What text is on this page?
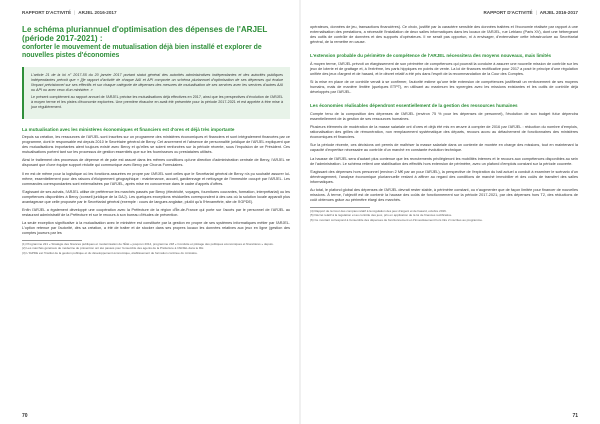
RAPPORT D'ACTIVITÉ | ARJEL 2016-2017
Le schéma pluriannuel d'optimisation des dépenses de l'ARJEL (période 2017-2021) :
conforter le mouvement de mutualisation déjà bien installé et explorer de nouvelles pistes d'économies

L'article 21 de la loi n° 2017-55 du 20 janvier 2017 portant statut général des autorités administratives indépendantes et des autorités publiques indépendantes prévoit que « [l]e rapport d'activité de chaque AAI et API comporte un schéma pluriannuel d'optimisation de ses dépenses qui évalue l'impact prévisionnel sur ses effectifs et sur chaque catégorie de dépenses des mesures de mutualisation de ses services avec les services d'autres AAI ou API ou avec ceux d'un ministère. »

Le présent complément au rapport annuel de l'ARJEL précise les mutualisations déjà effectives en 2017, ainsi que les perspectives d'évolution de l'ARJEL à moyen terme et les pistes d'économie explorées. Une première ébauche en avait été présentée pour la période 2017-2021 et est appelée à être mise à jour régulièrement.

La mutualisation avec les ministères économiques et financiers est d'ores et déjà très importante

Depuis sa création, les ressources de l'ARJEL sont inscrites sur un programme des ministères économiques et financiers et sont intégralement financées par ce programme, dont le responsable est depuis 2010 le Secrétaire général de Bercy. Cet ancrement et l'absence de personnalité juridique de l'ARJEL expliquent que des mutualisations importantes aient toujours existé avec Bercy et qu'elles se soient renforcées sur la période récente, sous l'impulsion de ce Président. Ces mutualisations portent tant sur les processus de gestion essentiels que sur les fournisseurs ou prestataires utilisés.

Ainsi le traitement des processus de dépense et de paie est assuré dans les mêmes conditions qu'une direction d'administration centrale de Bercy, l'ARJEL ne disposant que d'une équipe support réduite qui communique avec Bercy par Chorus Formulaires.

Il en est de même pour la logistique où les fonctions assurées en propre par l'ARJEL sont celles que le Secrétariat général de Bercy n'a pu souhaité assurer lui-même, essentiellement pour des raisons d'éloignement géographique : maintenance, accueil, gardiennage et nettoyage de l'immeuble occupé par l'ARJEL. Les commandes correspondantes sont externalisées par l'ARJEL, après mise en concurrence dans le cadre d'appels d'offres.

S'agissant de ses achats, l'ARJEL utilise de préférence les marchés passés par Bercy (électricité, voyages, fournitures courantes, formation, interprétariat) ou les compétences disponibles à Bercy (conseil juridique de la DAJ). Les quelques exceptions résiduelles correspondent à des cas où la solution locale apparaît plus avantageuse que celle proposée par le Secrétariat général (exemple : cours de langues anglaise, plutôt qu'à l'Hexamétrie, site de l'IGPDE).

Enfin l'ARJEL a également développé une coopération avec la Préfecture de la région d'Île-de-France qui porte sur l'accès par le personnel de l'ARJEL au restaurant administratif de la Préfecture et sur le recours à son bureau d'études de prévention.

La seule exception significative à la mutualisation avec le ministère est constituée par la gestion en propre de ses systèmes informatiques métier par l'ARJEL. L'option retenue par l'autorité, dès sa création, a été de traiter et de stocker dans ses propres locaux les données relatives aux jeux en ligne (gestion des comptes joueurs par les

(1) Programme 221 « Stratégie des finances publiques et modernisation de l'État » jusqu'en 2014, programme 218 « Conduite et pilotage des politiques économiques et financières » depuis.

(2) Les marchés généraux de médecine de prévention ont été passés pour l'ensemble des agents de la Préfecture à l'ARJEL dans le RH.

(3) L'IGPDE est l'Institut de la gestion publique et du développement économique, établissement de formation continue du ministère.

70
RAPPORT D'ACTIVITÉ | ARJEL 2016-2017

opérateurs, données de jeu, transactions financières). Ce choix, justifié par la caractère sensible des données traitées et l'économie réalisée par rapport à une externalisation des prestations, a nécessité l'installation de deux salles informatiques dans les locaux de l'ARJEL, rue Leblanc (Paris XV), dont une hébergeant des outils de contrôle de données et des supports d'opérateurs. Il ne serait pas opportun, ni à envisager, d'externaliser cette infrastructure au Secrétariat général, de la remettre en cause.

L'extension probable du périmètre de compétence de l'ARJEL nécessitera des moyens nouveaux, mais limités

À moyen terme, l'ARJEL prévoit un élargissement de son périmètre de compétences qui pourrait la conduire à assurer une nouvelle mission de contrôle sur les jeux de loterie et de grattage et, à l'extrême, les paris hippiques en points de vente. La loi de finances rectificative pour 2017 a posé le principe d'une régulation unifiée des jeux d'argent et de hasard, et le décret relatif a été pris dans l'esprit de la recommandation de la Cour des Comptes.

Si la mise en place de ce contrôle venait à se confirmer, l'autorité estime qu'une telle extension de compétences justifierait un renforcement de ses moyens humains, mais de manière limitée (quelques ETPT), en utilisant au maximum les synergies avec les missions existantes et les outils de contrôle déjà développés par l'ARJEL.

Les économies réalisables dépendront essentiellement de la gestion des ressources humaines

Compte tenu de la composition des dépenses de l'ARJEL (environ 75 % pour les dépenses de personnel), l'évolution de son budget futur dépendra essentiellement de la gestion de ses ressources humaines.

Plusieurs éléments de modération de la masse salariale ont d'ores et déjà été mis en œuvre à compter de 2016 par l'ARJEL : réduction du nombre d'emplois, rationalisation des grilles de rémunération, non remplacement systématique des départs, recours accru au détachement de fonctionnaires des ministères économiques et financiers.

Sur la période récente, ces décisions ont permis de maîtriser la masse salariale dans un contexte de montée en charge des missions, tout en maintenant la capacité d'expertise nécessaire au contrôle d'un marché en constante évolution technique.

La hausse de l'ARJEL sera d'autant plus contenue que les recrutements privilégieront les mobilités internes et le recours aux compétences disponibles au sein de l'administration. Le schéma retient une stabilisation des effectifs hors extension de périmètre, avec un plafond d'emplois constant sur la période couverte.

S'agissant des dépenses hors personnel (environ 2 M€ par an pour l'ARJEL), la perspective de l'expiration du bail actuel a conduit à examiner le scénario d'un déménagement, l'analyse économique pluriannuelle restant à affiner au regard des conditions de marché immobilier et des coûts de transfert des salles informatiques.

Au total, le plafond global des dépenses de l'ARJEL devrait rester stable, à périmètre constant, ou n'augmenter que de façon limitée pour financer de nouvelles missions. À terme, l'objectif est de contenir la hausse des coûts de fonctionnement sur la période 2017-2021, par des dépenses hors T2, des réductions de coût obtenues grâce au périmètre élargi des marchés.

(4) Rapport de la Cour des comptes relatif à la régulation des jeux d'argent et de hasard, octobre 2016.

(5) Décret relatif à la régulation et au contrôle des jeux, pris en application de la loi de finances rectificative.

(6) Ce montant correspond à l'ensemble des dépenses de fonctionnement et d'investissement hors titre 2 inscrites au programme.

71
